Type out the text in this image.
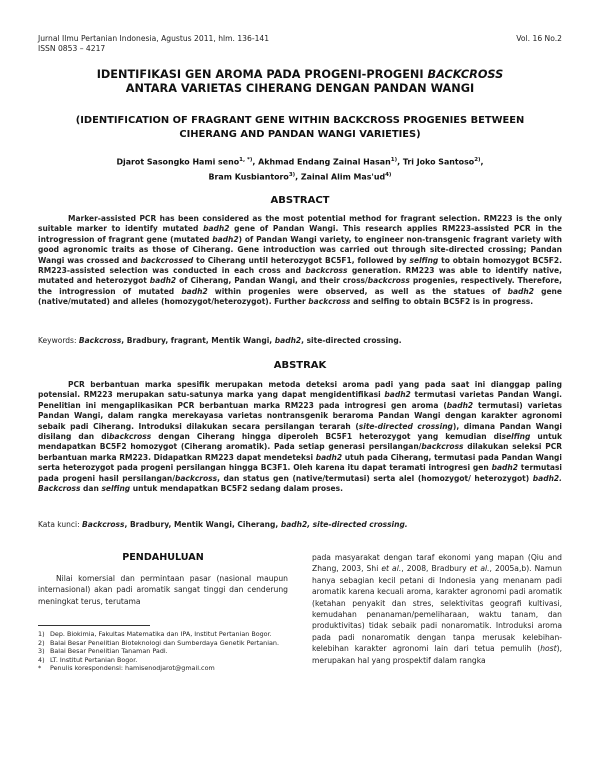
Jurnal Ilmu Pertanian Indonesia, Agustus 2011, hlm. 136-141
ISSN 0853 – 4217
Vol. 16 No.2
IDENTIFIKASI GEN AROMA PADA PROGENI-PROGENI BACKCROSS
ANTARA VARIETAS CIHERANG DENGAN PANDAN WANGI
(IDENTIFICATION OF FRAGRANT GENE WITHIN BACKCROSS PROGENIES BETWEEN
CIHERANG AND PANDAN WANGI VARIETIES)
Djarot Sasongko Hami seno$^{1, *)}$, Akhmad Endang Zainal Hasan$^{1)}$, Tri Joko Santoso$^{2)}$,
Bram Kusbiantoro$^{3)}$, Zainal Alim $Mas'ud^{4)}$
ABSTRACT

Marker-assisted PCR has been considered as the most potential method for fragrant selection. RM223 is the only suitable marker to identify mutated badh2 gene of Pandan Wangi. This research applies RM223-assisted PCR in the introgression of fragrant gene (mutated badh2) of Pandan Wangi variety, to engineer non-transgenic fragrant variety with good agronomic traits as those of Ciherang. Gene introduction was carried out through site-directed crossing; Pandan Wangi was crossed and backcrossed to Ciherang until heterozygot BC5F1, followed by selfing to obtain homozygot BC5F2. RM223-assisted selection was conducted in each cross and backcross generation. RM223 was able to identify native, mutated and heterozygot badh2 of Ciherang, Pandan Wangi, and their cross/backcross progenies, respectively. Therefore, the introgression of mutated badh2 within progenies were observed, as well as the statues of badh2 gene (native/mutated) and alleles (homozygot/heterozygot). Further backcross and selfing to obtain BC5F2 is in progress.

Keywords: Backcross, Bradbury, fragrant, Mentik Wangi, badh2, site-directed crossing.
ABSTRAK

PCR berbantuan marka spesifik merupakan metoda deteksi aroma padi yang pada saat ini dianggap paling potensial. RM223 merupakan satu-satunya marka yang dapat mengidentifikasi badh2 termutasi varietas Pandan Wangi. Penelitian ini mengaplikasikan PCR berbantuan marka RM223 pada introgresi gen aroma (badh2 termutasi) varietas Pandan Wangi, dalam rangka merekayasa varietas nontransgenik beraroma Pandan Wangi dengan karakter agronomi sebaik padi Ciherang. Introduksi dilakukan secara persilangan terarah (site-directed crossing), dimana Pandan Wangi disilang dan dibackcross dengan Ciherang hingga diperoleh BC5F1 heterozygot yang kemudian diselfing untuk mendapatkan BC5F2 homozygot (Ciherang aromatik). Pada setiap generasi persilangan/backcross dilakukan seleksi PCR berbantuan marka RM223. Didapatkan RM223 dapat mendeteksi badh2 utuh pada Ciherang, termutasi pada Pandan Wangi serta heterozygot pada progeni persilangan hingga BC3F1. Oleh karena itu dapat teramati introgresi gen badh2 termutasi pada progeni hasil persilangan/backcross, dan status gen (native/termutasi) serta alel (homozygot/ heterozygot) badh2. Backcross dan selfing untuk mendapatkan BC5F2 sedang dalam proses.

Kata kunci: Backcross, Bradbury, Mentik Wangi, Ciherang, badh2, site-directed crossing.
PENDAHULUAN

Nilai komersial dan permintaan pasar (nasional maupun internasional) akan padi aromatik sangat tinggi dan cenderung meningkat terus, terutama

1) Dep. Biokimia, Fakultas Matematika dan IPA, Institut Pertanian Bogor.
2) Balai Besar Penelitian Bioteknologi dan Sumberdaya Genetik Pertanian.
3) Balai Besar Penelitian Tanaman Padi.
4) LT. Institut Pertanian Bogor.
*	Penulis korespondensi: hamisenodjarot@gmail.com

pada masyarakat dengan taraf ekonomi yang mapan (Qiu and Zhang, 2003, Shi et al., 2008, Bradbury et al., 2005a,b). Namun hanya sebagian kecil petani di Indonesia yang menanam padi aromatik karena kecuali aroma, karakter agronomi padi aromatik (ketahan penyakit dan stres, selektivitas geografi kultivasi, kemudahan penanaman/pemeliharaan, waktu tanam, dan produktivitas) tidak sebaik padi nonaromatik. Introduksi aroma pada padi nonaromatik dengan tanpa merusak kelebihan-kelebihan karakter agronomi lain dari tetua pemulih (host), merupakan hal yang prospektif dalam rangka
